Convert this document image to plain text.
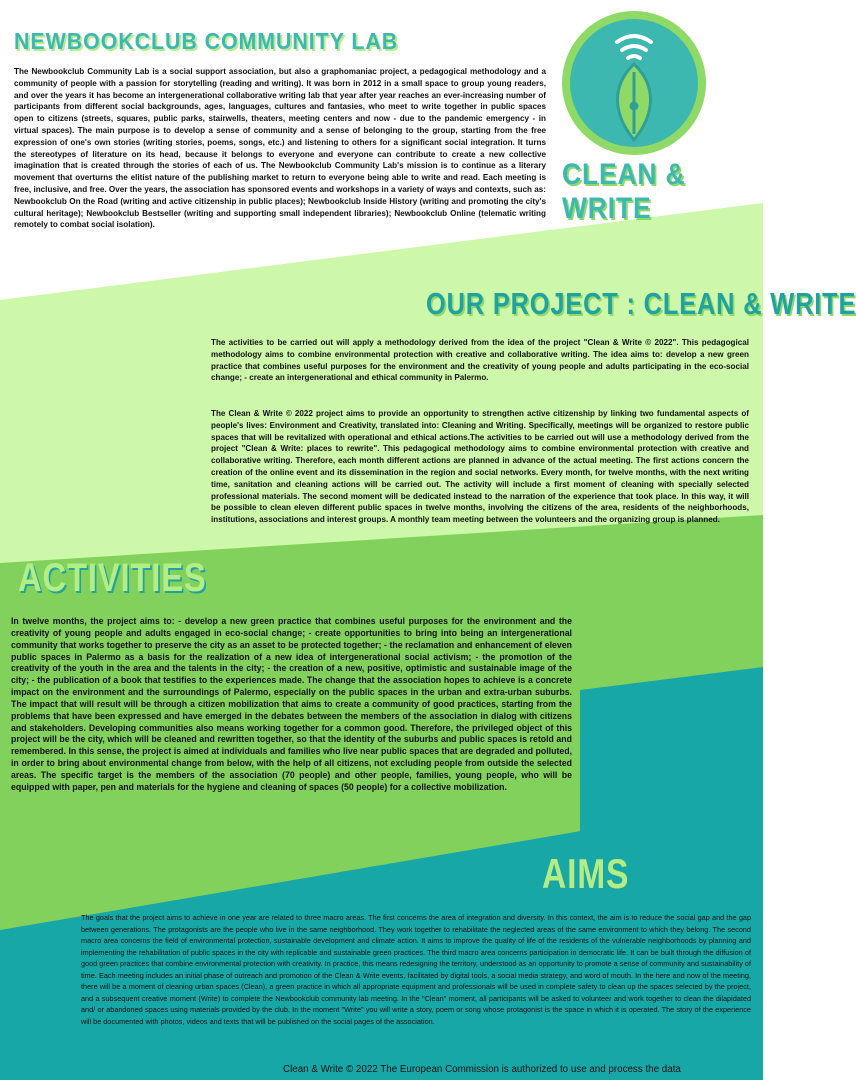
NEWBOOKCLUB COMMUNITY LAB

The Newbookclub Community Lab is a social support association, but also a graphomaniac project, a pedagogical methodology and a community of people with a passion for storytelling (reading and writing). It was born in 2012 in a small space to group young readers, and over the years it has become an intergenerational collaborative writing lab that year after year reaches an ever-increasing number of participants from different social backgrounds, ages, languages, cultures and fantasies, who meet to write together in public spaces open to citizens (streets, squares, public parks, stairwells, theaters, meeting centers and now - due to the pandemic emergency - in virtual spaces). The main purpose is to develop a sense of community and a sense of belonging to the group, starting from the free expression of one's own stories (writing stories, poems, songs, etc.) and listening to others for a significant social integration. It turns the stereotypes of literature on its head, because it belongs to everyone and everyone can contribute to create a new collective imagination that is created through the stories of each of us. The Newbookclub Community Lab's mission is to continue as a literary movement that overturns the elitist nature of the publishing market to return to everyone being able to write and read. Each meeting is free, inclusive, and free. Over the years, the association has sponsored events and workshops in a variety of ways and contexts, such as: Newbookclub On the Road (writing and active citizenship in public places); Newbookclub Inside History (writing and promoting the city's cultural heritage); Newbookclub Bestseller (writing and supporting small independent libraries); Newbookclub Online (telematic writing remotely to combat social isolation).

CLEAN & WRITE
OUR PROJECT : CLEAN & WRITE

The activities to be carried out will apply a methodology derived from the idea of the project "Clean & Write © 2022". This pedagogical methodology aims to combine environmental protection with creative and collaborative writing. The idea aims to: develop a new green practice that combines useful purposes for the environment and the creativity of young people and adults participating in the eco-social change; - create an intergenerational and ethical community in Palermo.

The Clean & Write © 2022 project aims to provide an opportunity to strengthen active citizenship by linking two fundamental aspects of people's lives: Environment and Creativity, translated into: Cleaning and Writing. Specifically, meetings will be organized to restore public spaces that will be revitalized with operational and ethical actions.The activities to be carried out will use a methodology derived from the project "Clean & Write: places to rewrite". This pedagogical methodology aims to combine environmental protection with creative and collaborative writing. Therefore, each month different actions are planned in advance of the actual meeting. The first actions concern the creation of the online event and its dissemination in the region and social networks. Every month, for twelve months, with the next writing time, sanitation and cleaning actions will be carried out. The activity will include a first moment of cleaning with specially selected professional materials. The second moment will be dedicated instead to the narration of the experience that took place. In this way, it will be possible to clean eleven different public spaces in twelve months, involving the citizens of the area, residents of the neighborhoods, institutions, associations and interest groups. A monthly team meeting between the volunteers and the organizing group is planned.

ACTIVITIES

In twelve months, the project aims to: - develop a new green practice that combines useful purposes for the environment and the creativity of young people and adults engaged in eco-social change; - create opportunities to bring into being an intergenerational community that works together to preserve the city as an asset to be protected together; - the reclamation and enhancement of eleven public spaces in Palermo as a basis for the realization of a new idea of intergenerational social activism; - the promotion of the creativity of the youth in the area and the talents in the city; - the creation of a new, positive, optimistic and sustainable image of the city; - the publication of a book that testifies to the experiences made. The change that the association hopes to achieve is a concrete impact on the environment and the surroundings of Palermo, especially on the public spaces in the urban and extra-urban suburbs. The impact that will result will be through a citizen mobilization that aims to create a community of good practices, starting from the problems that have been expressed and have emerged in the debates between the members of the association in dialog with citizens and stakeholders. Developing communities also means working together for a common good. Therefore, the privileged object of this project will be the city, which will be cleaned and rewritten together, so that the identity of the suburbs and public spaces is retold and remembered. In this sense, the project is aimed at individuals and families who live near public spaces that are degraded and polluted, in order to bring about environmental change from below, with the help of all citizens, not excluding people from outside the selected areas. The specific target is the members of the association (70 people) and other people, families, young people, who will be equipped with paper, pen and materials for the hygiene and cleaning of spaces (50 people) for a collective mobilization.

AIMS

The goals that the project aims to achieve in one year are related to three macro areas. The first concerns the area of integration and diversity. In this context, the aim is to reduce the social gap and the gap between generations. The protagonists are the people who live in the same neighborhood. They work together to rehabilitate the neglected areas of the same environment to which they belong. The second macro area concerns the field of environmental protection, sustainable development and climate action. It aims to improve the quality of life of the residents of the vulnerable neighborhoods by planning and implementing the rehabilitation of public spaces in the city with replicable and sustainable green practices. The third macro area concerns participation in democratic life. It can be built through the diffusion of good green practices that combine environmental protection with creativity. In practice, this means redesigning the territory, understood as an opportunity to promote a sense of community and sustainability of time. Each meeting includes an initial phase of outreach and promotion of the Clean & Write events, facilitated by digital tools, a social media strategy, and word of mouth. In the here and now of the meeting, there will be a moment of cleaning urban spaces (Clean), a green practice in which all appropriate equipment and professionals will be used in complete safety to clean up the spaces selected by the project, and a subsequent creative moment (Write) to complete the Newbookclub community lab meeting. In the "Clean" moment, all participants will be asked to volunteer and work together to clean the dilapidated and/ or abandoned spaces using materials provided by the club. In the moment "Write" you will write a story, poem or song whose protagonist is the space in which it is operated. The story of the experience will be documented with photos, videos and texts that will be published on the social pages of the association.

Clean & Write © 2022 The European Commission is authorized to use and process the data
